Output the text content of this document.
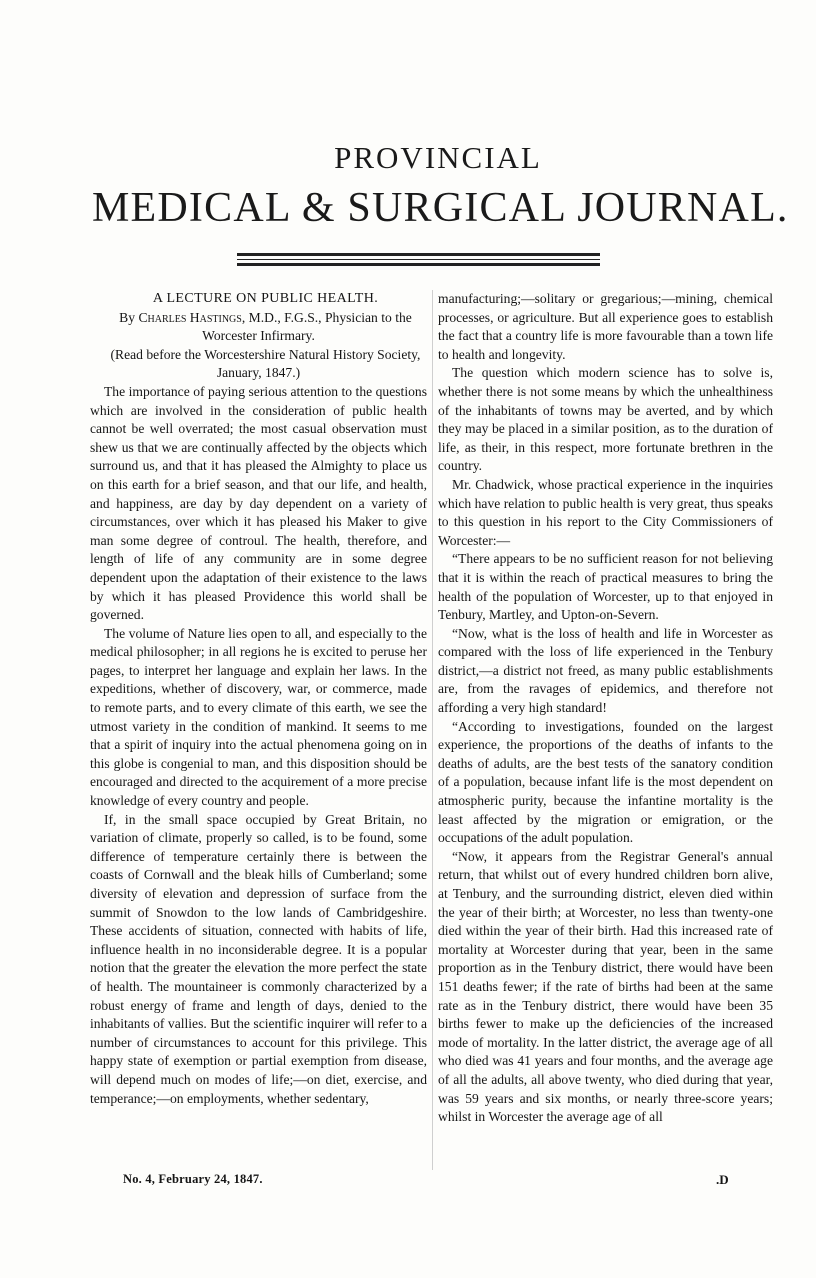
PROVINCIAL
MEDICAL & SURGICAL JOURNAL.

A LECTURE ON PUBLIC HEALTH.

By Charles Hastings, M.D., F.G.S., Physician to the Worcester Infirmary.

(Read before the Worcestershire Natural History Society, January, 1847.)

The importance of paying serious attention to the questions which are involved in the consideration of public health cannot be well overrated; the most casual observation must shew us that we are continually affected by the objects which surround us, and that it has pleased the Almighty to place us on this earth for a brief season, and that our life, and health, and happiness, are day by day dependent on a variety of circumstances, over which it has pleased his Maker to give man some degree of controul. The health, therefore, and length of life of any community are in some degree dependent upon the adaptation of their existence to the laws by which it has pleased Providence this world shall be governed.

The volume of Nature lies open to all, and especially to the medical philosopher; in all regions he is excited to peruse her pages, to interpret her language and explain her laws. In the expeditions, whether of discovery, war, or commerce, made to remote parts, and to every climate of this earth, we see the utmost variety in the condition of mankind. It seems to me that a spirit of inquiry into the actual phenomena going on in this globe is congenial to man, and this disposition should be encouraged and directed to the acquirement of a more precise knowledge of every country and people.

If, in the small space occupied by Great Britain, no variation of climate, properly so called, is to be found, some difference of temperature certainly there is between the coasts of Cornwall and the bleak hills of Cumberland; some diversity of elevation and depression of surface from the summit of Snowdon to the low lands of Cambridgeshire. These accidents of situation, connected with habits of life, influence health in no inconsiderable degree. It is a popular notion that the greater the elevation the more perfect the state of health. The mountaineer is commonly characterized by a robust energy of frame and length of days, denied to the inhabitants of vallies. But the scientific inquirer will refer to a number of circumstances to account for this privilege. This happy state of exemption or partial exemption from disease, will depend much on modes of life;—on diet, exercise, and temperance;—on employments, whether sedentary,

manufacturing;—solitary or gregarious;—mining, chemical processes, or agriculture. But all experience goes to establish the fact that a country life is more favourable than a town life to health and longevity.

The question which modern science has to solve is, whether there is not some means by which the unhealthiness of the inhabitants of towns may be averted, and by which they may be placed in a similar position, as to the duration of life, as their, in this respect, more fortunate brethren in the country.

Mr. Chadwick, whose practical experience in the inquiries which have relation to public health is very great, thus speaks to this question in his report to the City Commissioners of Worcester:—

“There appears to be no sufficient reason for not believing that it is within the reach of practical measures to bring the health of the population of Worcester, up to that enjoyed in Tenbury, Martley, and Upton-on-Severn.

“Now, what is the loss of health and life in Worcester as compared with the loss of life experienced in the Tenbury district,—a district not freed, as many public establishments are, from the ravages of epidemics, and therefore not affording a very high standard!

“According to investigations, founded on the largest experience, the proportions of the deaths of infants to the deaths of adults, are the best tests of the sanatory condition of a population, because infant life is the most dependent on atmospheric purity, because the infantine mortality is the least affected by the migration or emigration, or the occupations of the adult population.

“Now, it appears from the Registrar General's annual return, that whilst out of every hundred children born alive, at Tenbury, and the surrounding district, eleven died within the year of their birth; at Worcester, no less than twenty-one died within the year of their birth. Had this increased rate of mortality at Worcester during that year, been in the same proportion as in the Tenbury district, there would have been 151 deaths fewer; if the rate of births had been at the same rate as in the Tenbury district, there would have been 35 births fewer to make up the deficiencies of the increased mode of mortality. In the latter district, the average age of all who died was 41 years and four months, and the average age of all the adults, all above twenty, who died during that year, was 59 years and six months, or nearly three-score years; whilst in Worcester the average age of all

No. 4, February 24, 1847.	.D
